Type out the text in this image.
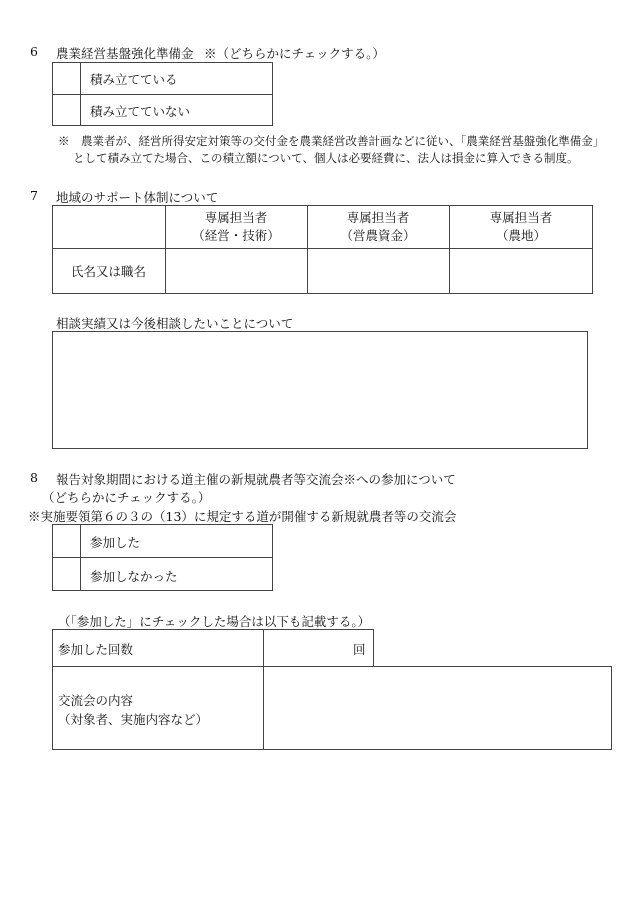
6 農業経営基盤強化準備金 ※（どちらかにチェックする。）
積み立てている
積み立てていない
※　農業者が、経営所得安定対策等の交付金を農業経営改善計画などに従い、「農業経営基盤強化準備金」
として積み立てた場合、この積立額について、個人は必要経費に、法人は損金に算入できる制度。
7 地域のサポート体制について
専属担当者
（経営・技術）
専属担当者
（営農資金）
専属担当者
（農地）
氏名又は職名
相談実績又は今後相談したいことについて
8 報告対象期間における道主催の新規就農者等交流会※への参加について
（どちらかにチェックする。）
※実施要領第６の３の（13）に規定する道が開催する新規就農者等の交流会
参加した
参加しなかった
（「参加した」にチェックした場合は以下も記載する。）
参加した回数	回
交流会の内容
（対象者、実施内容など）
